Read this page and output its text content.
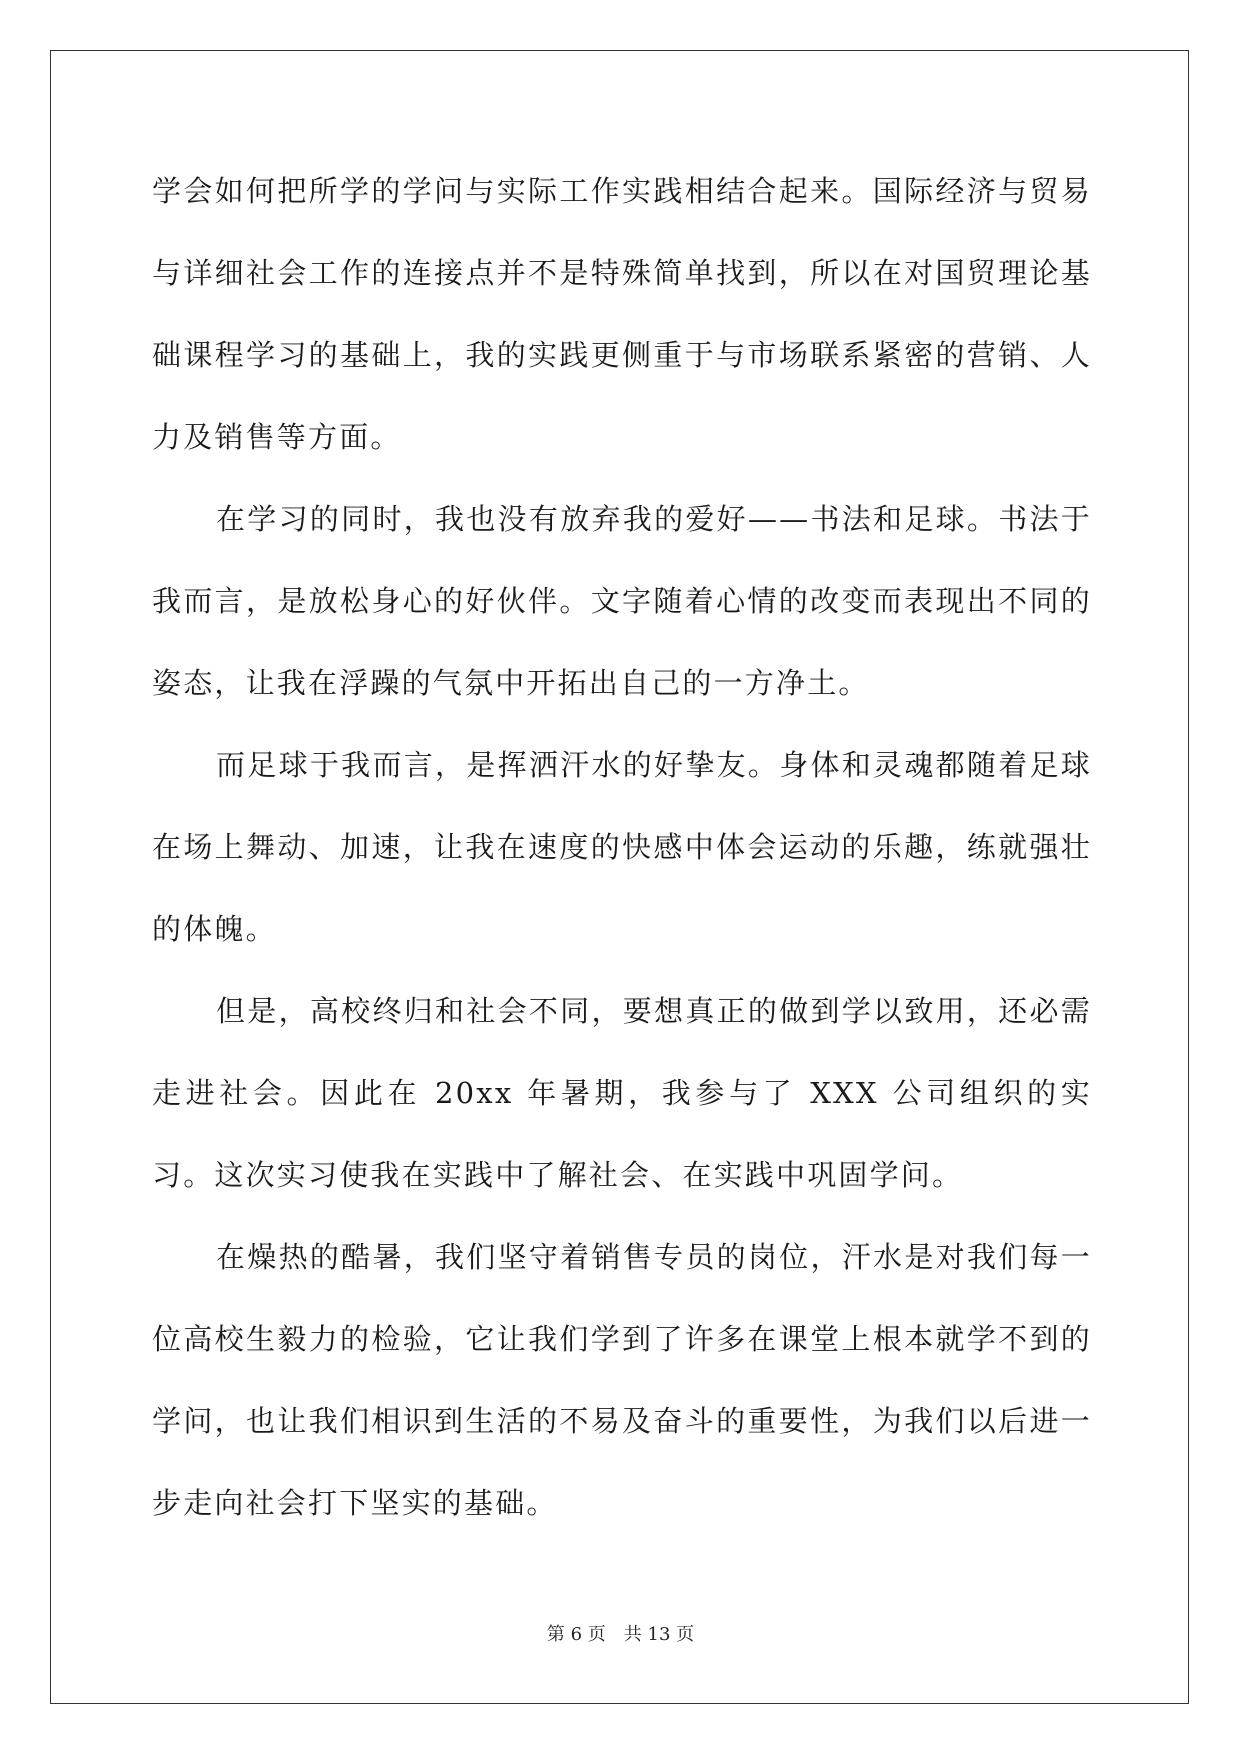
学会如何把所学的学问与实际工作实践相结合起来。国际经济与贸易与详细社会工作的连接点并不是特殊简单找到，所以在对国贸理论基础课程学习的基础上，我的实践更侧重于与市场联系紧密的营销、人力及销售等方面。

在学习的同时，我也没有放弃我的爱好——书法和足球。书法于我而言，是放松身心的好伙伴。文字随着心情的改变而表现出不同的姿态，让我在浮躁的气氛中开拓出自己的一方净土。

而足球于我而言，是挥洒汗水的好挚友。身体和灵魂都随着足球在场上舞动、加速，让我在速度的快感中体会运动的乐趣，练就强壮的体魄。

但是，高校终归和社会不同，要想真正的做到学以致用，还必需走进社会。因此在 20xx 年暑期，我参与了 XXX 公司组织的实习。这次实习使我在实践中了解社会、在实践中巩固学问。

在燥热的酷暑，我们坚守着销售专员的岗位，汗水是对我们每一位高校生毅力的检验，它让我们学到了许多在课堂上根本就学不到的学问，也让我们相识到生活的不易及奋斗的重要性，为我们以后进一步走向社会打下坚实的基础。

第 6 页 共 13 页
